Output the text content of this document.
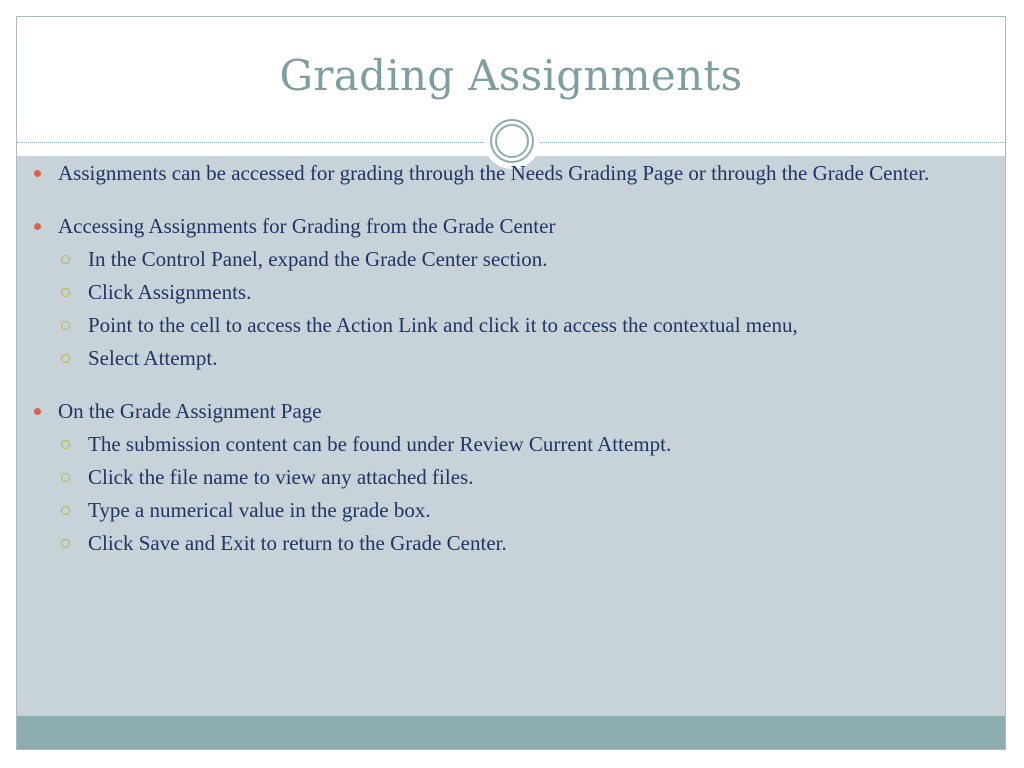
Grading Assignments
Assignments can be accessed for grading through the Needs Grading Page or through the Grade Center.
Accessing Assignments for Grading from the Grade Center
In the Control Panel, expand the Grade Center section.
Click Assignments.
Point to the cell to access the Action Link and click it to access the contextual menu,
Select Attempt.
On the Grade Assignment Page
The submission content can be found under Review Current Attempt.
Click the file name to view any attached files.
Type a numerical value in the grade box.
Click Save and Exit to return to the Grade Center.
